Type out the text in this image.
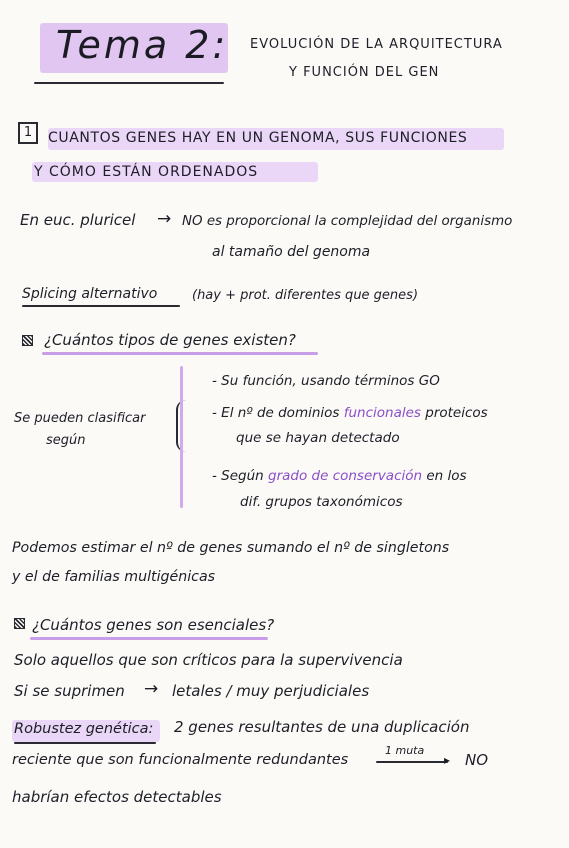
Tema 2: EVOLUCIÓN DE LA ARQUITECTURA
Y FUNCIÓN DEL GEN
1	CUANTOS GENES HAY EN UN GENOMA, SUS FUNCIONES
Y CÓMO ESTÁN ORDENADOS
En euc. pluricel → NO es proporcional la complejidad del organismo
al tamaño del genoma
Splicing alternativo	(hay + prot. diferentes que genes)
¿Cuántos tipos de genes existen?
Se pueden clasificar
según
- Su función, usando términos GO
- El nº de dominios funcionales proteicos
que se hayan detectado
- Según grado de conservación en los
dif. grupos taxonómicos
Podemos estimar el nº de genes sumando el nº de singletons
y el de familias multigénicas
¿Cuántos genes son esenciales?
Solo aquellos que son críticos para la supervivencia
Si se suprimen → letales / muy perjudiciales
Robustez genética: 2 genes resultantes de una duplicación
reciente que son funcionalmente redundantes
1 muta
▸ NO
habrían efectos detectables
